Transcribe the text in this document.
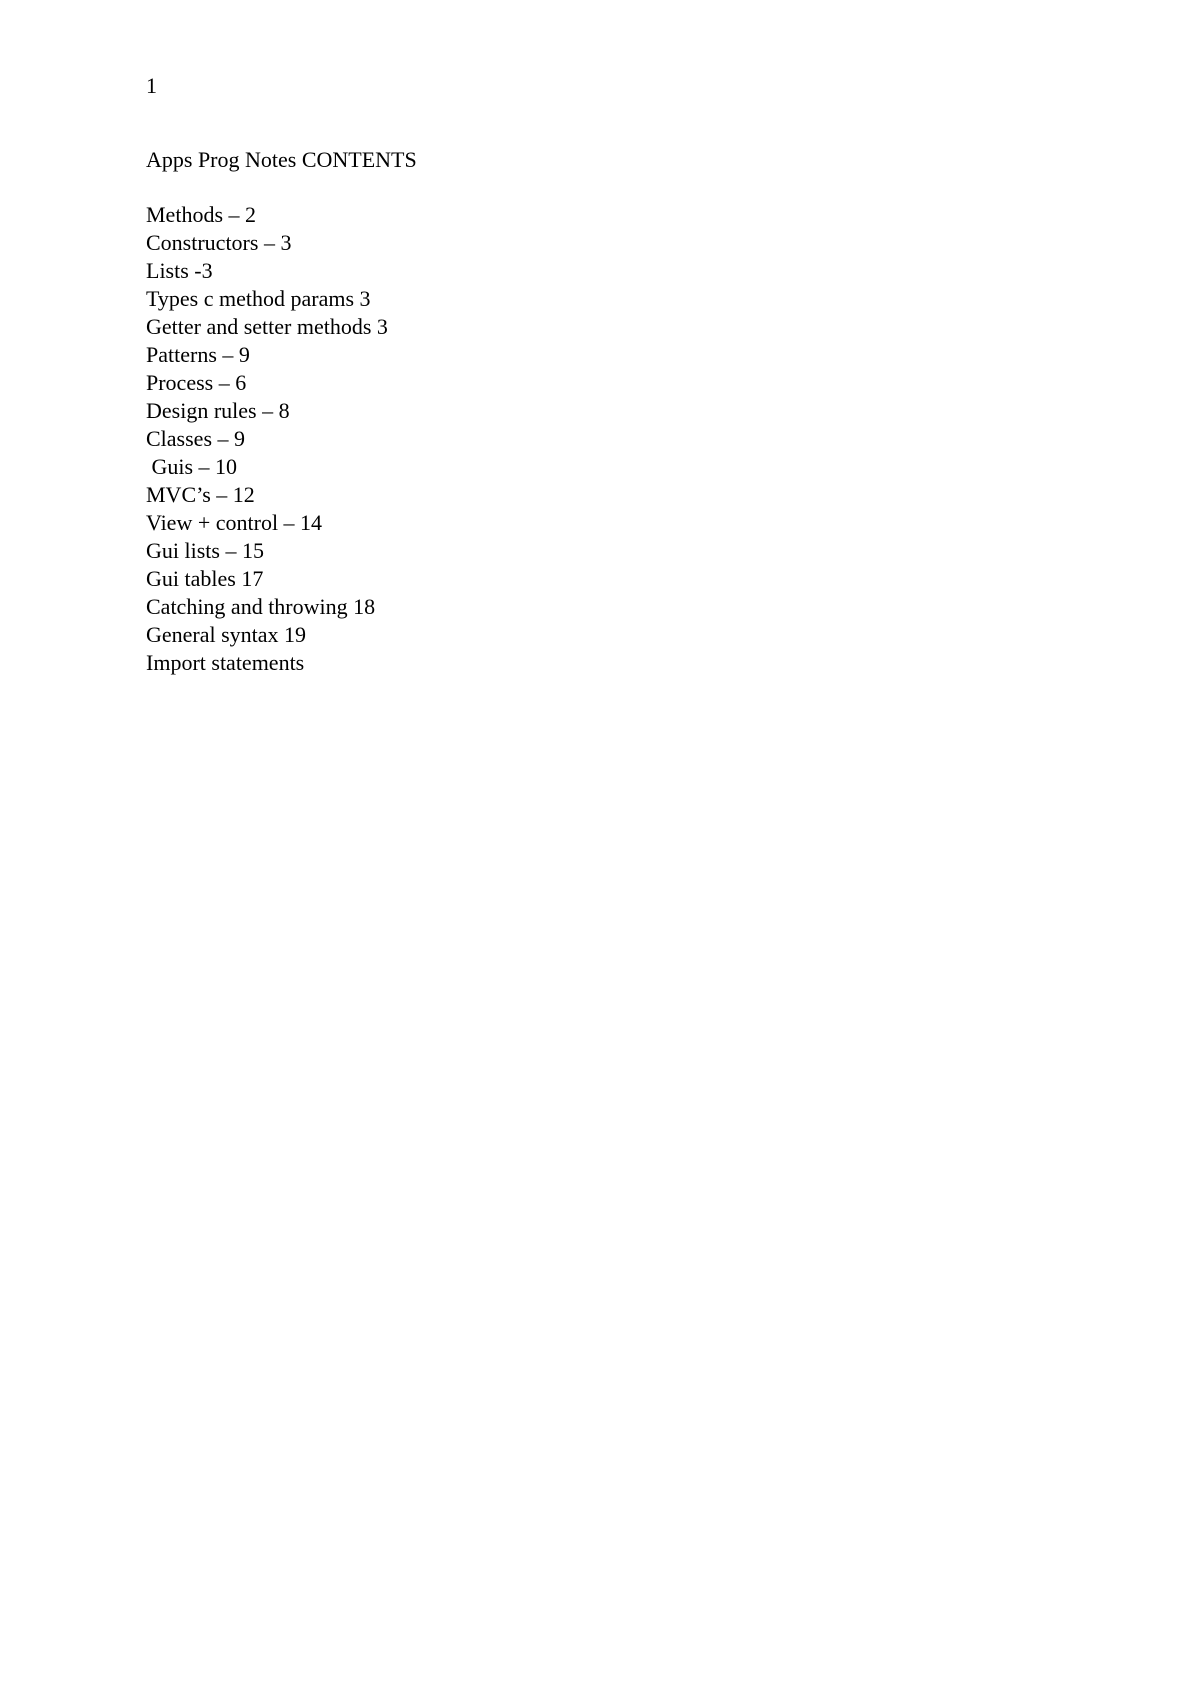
1
Apps Prog Notes CONTENTS
Methods – 2
Constructors – 3
Lists -3
Types c method params 3
Getter and setter methods 3
Patterns – 9
Process – 6
Design rules – 8
Classes – 9
Guis – 10
MVC’s – 12
View + control – 14
Gui lists – 15
Gui tables 17
Catching and throwing 18
General syntax 19
Import statements
